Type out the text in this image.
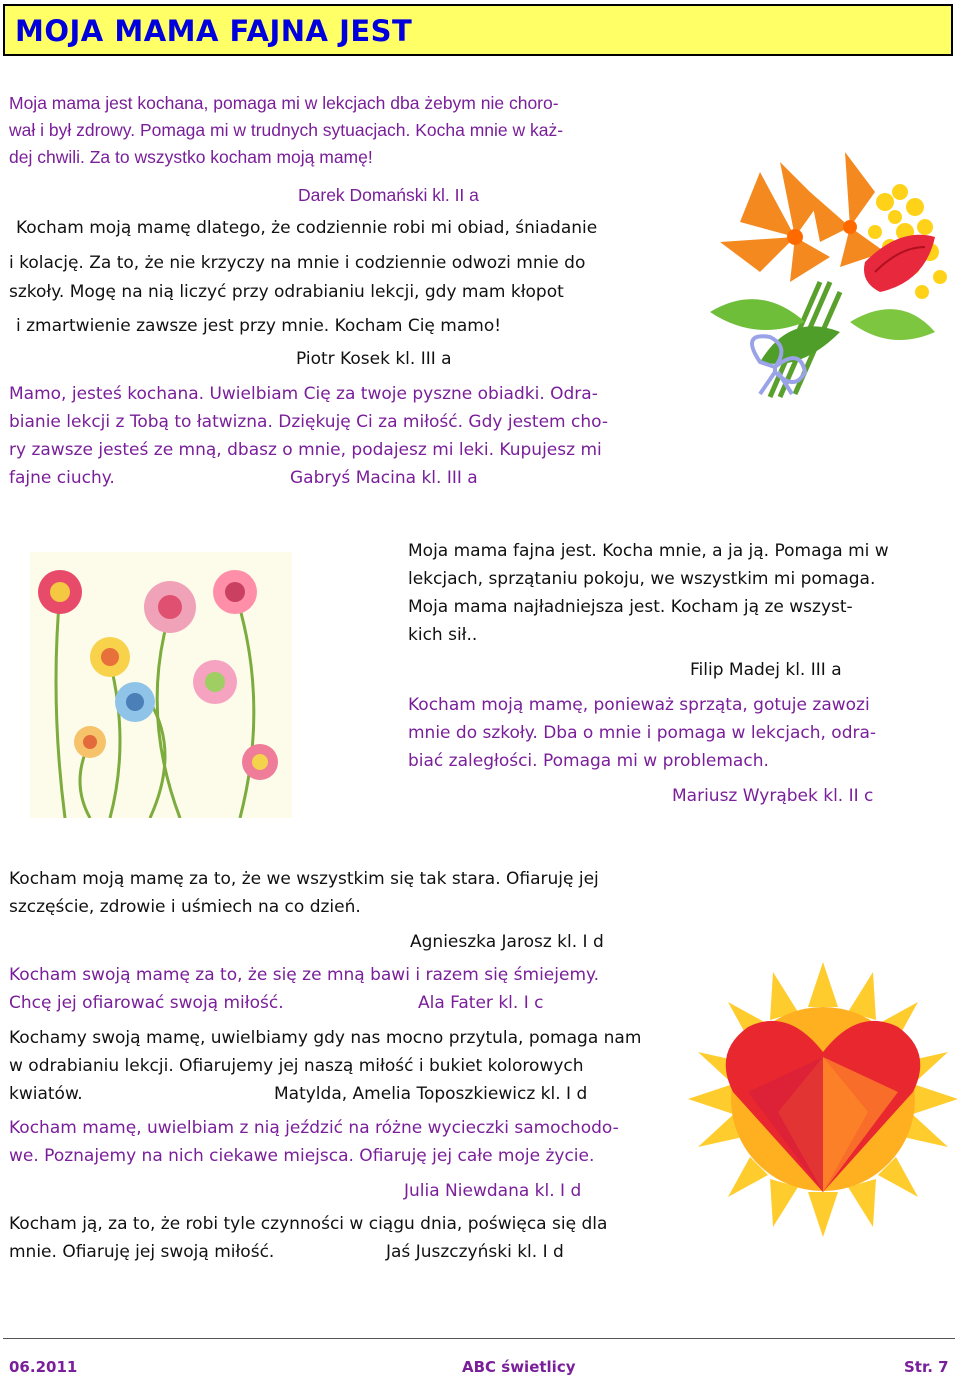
MOJA MAMA FAJNA JEST
Moja mama jest kochana, pomaga mi w lekcjach dba żebym nie choro-
wał i był zdrowy. Pomaga mi w trudnych sytuacjach. Kocha mnie w każ-
dej chwili. Za to wszystko kocham moją mamę!
Darek Domański kl. II a
Kocham moją mamę dlatego, że codziennie robi mi obiad, śniadanie
i kolację. Za to, że nie krzyczy na mnie i codziennie odwozi mnie do
szkoły. Mogę na nią liczyć przy odrabianiu lekcji, gdy mam kłopot
i zmartwienie zawsze jest przy mnie. Kocham Cię mamo!
Piotr Kosek kl. III a
Mamo, jesteś kochana. Uwielbiam Cię za twoje pyszne obiadki. Odra-
bianie lekcji z Tobą to łatwizna. Dziękuję Ci za miłość. Gdy jestem cho-
ry zawsze jesteś ze mną, dbasz o mnie, podajesz mi leki. Kupujesz mi
fajne ciuchy.	Gabryś Macina kl. III a
Moja mama fajna jest. Kocha mnie, a ja ją. Pomaga mi w
lekcjach, sprzątaniu pokoju, we wszystkim mi pomaga.
Moja mama najładniejsza jest. Kocham ją ze wszyst-
kich sił..
Filip Madej kl. III a
Kocham moją mamę, ponieważ sprząta, gotuje zawozi
mnie do szkoły. Dba o mnie i pomaga w lekcjach, odra-
biać zaległości. Pomaga mi w problemach.
Mariusz Wyrąbek kl. II c
Kocham moją mamę za to, że we wszystkim się tak stara. Ofiaruję jej
szczęście, zdrowie i uśmiech na co dzień.
Agnieszka Jarosz kl. I d
Kocham swoją mamę za to, że się ze mną bawi i razem się śmiejemy.
Chcę jej ofiarować swoją miłość.	Ala Fater kl. I c
Kochamy swoją mamę, uwielbiamy gdy nas mocno przytula, pomaga nam
w odrabianiu lekcji. Ofiarujemy jej naszą miłość i bukiet kolorowych
kwiatów.	Matylda, Amelia Toposzkiewicz kl. I d
Kocham mamę, uwielbiam z nią jeździć na różne wycieczki samochodo-
we. Poznajemy na nich ciekawe miejsca. Ofiaruję jej całe moje życie.
Julia Niewdana kl. I d
Kocham ją, za to, że robi tyle czynności w ciągu dnia, poświęca się dla
mnie. Ofiaruję jej swoją miłość.	Jaś Juszczyński kl. I d
06.2011	ABC świetlicy	Str. 7
